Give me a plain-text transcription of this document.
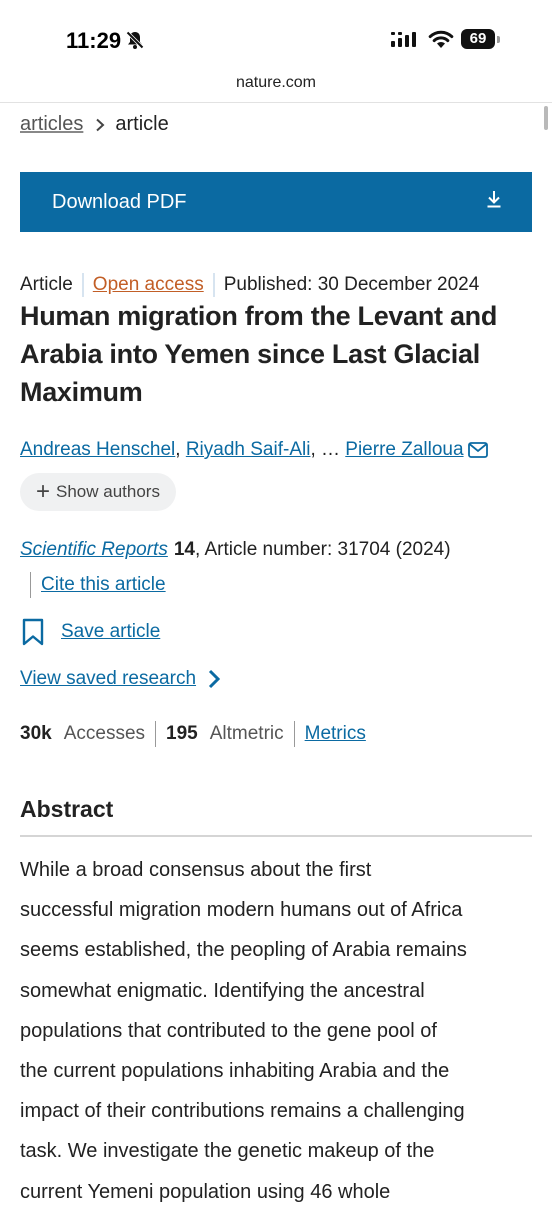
11:29	69
nature.com
articles article
Download PDF
Article Open access Published: 30 December 2024
Human migration from the Levant and Arabia into Yemen since Last Glacial Maximum
Andreas Henschel ,
Riyadh Saif-Ali ,
…
Pierre Zalloua
+ Show authors
Scientific Reports 14, Article number: 31704 (2024)
Cite this article
Save article
View saved research
30k Accesses 195 Altmetric Metrics
Abstract

While a broad consensus about the first
successful migration modern humans out of Africa
seems established, the peopling of Arabia remains
somewhat enigmatic. Identifying the ancestral
populations that contributed to the gene pool of
the current populations inhabiting Arabia and the
impact of their contributions remains a challenging
task. We investigate the genetic makeup of the
current Yemeni population using 46 whole
